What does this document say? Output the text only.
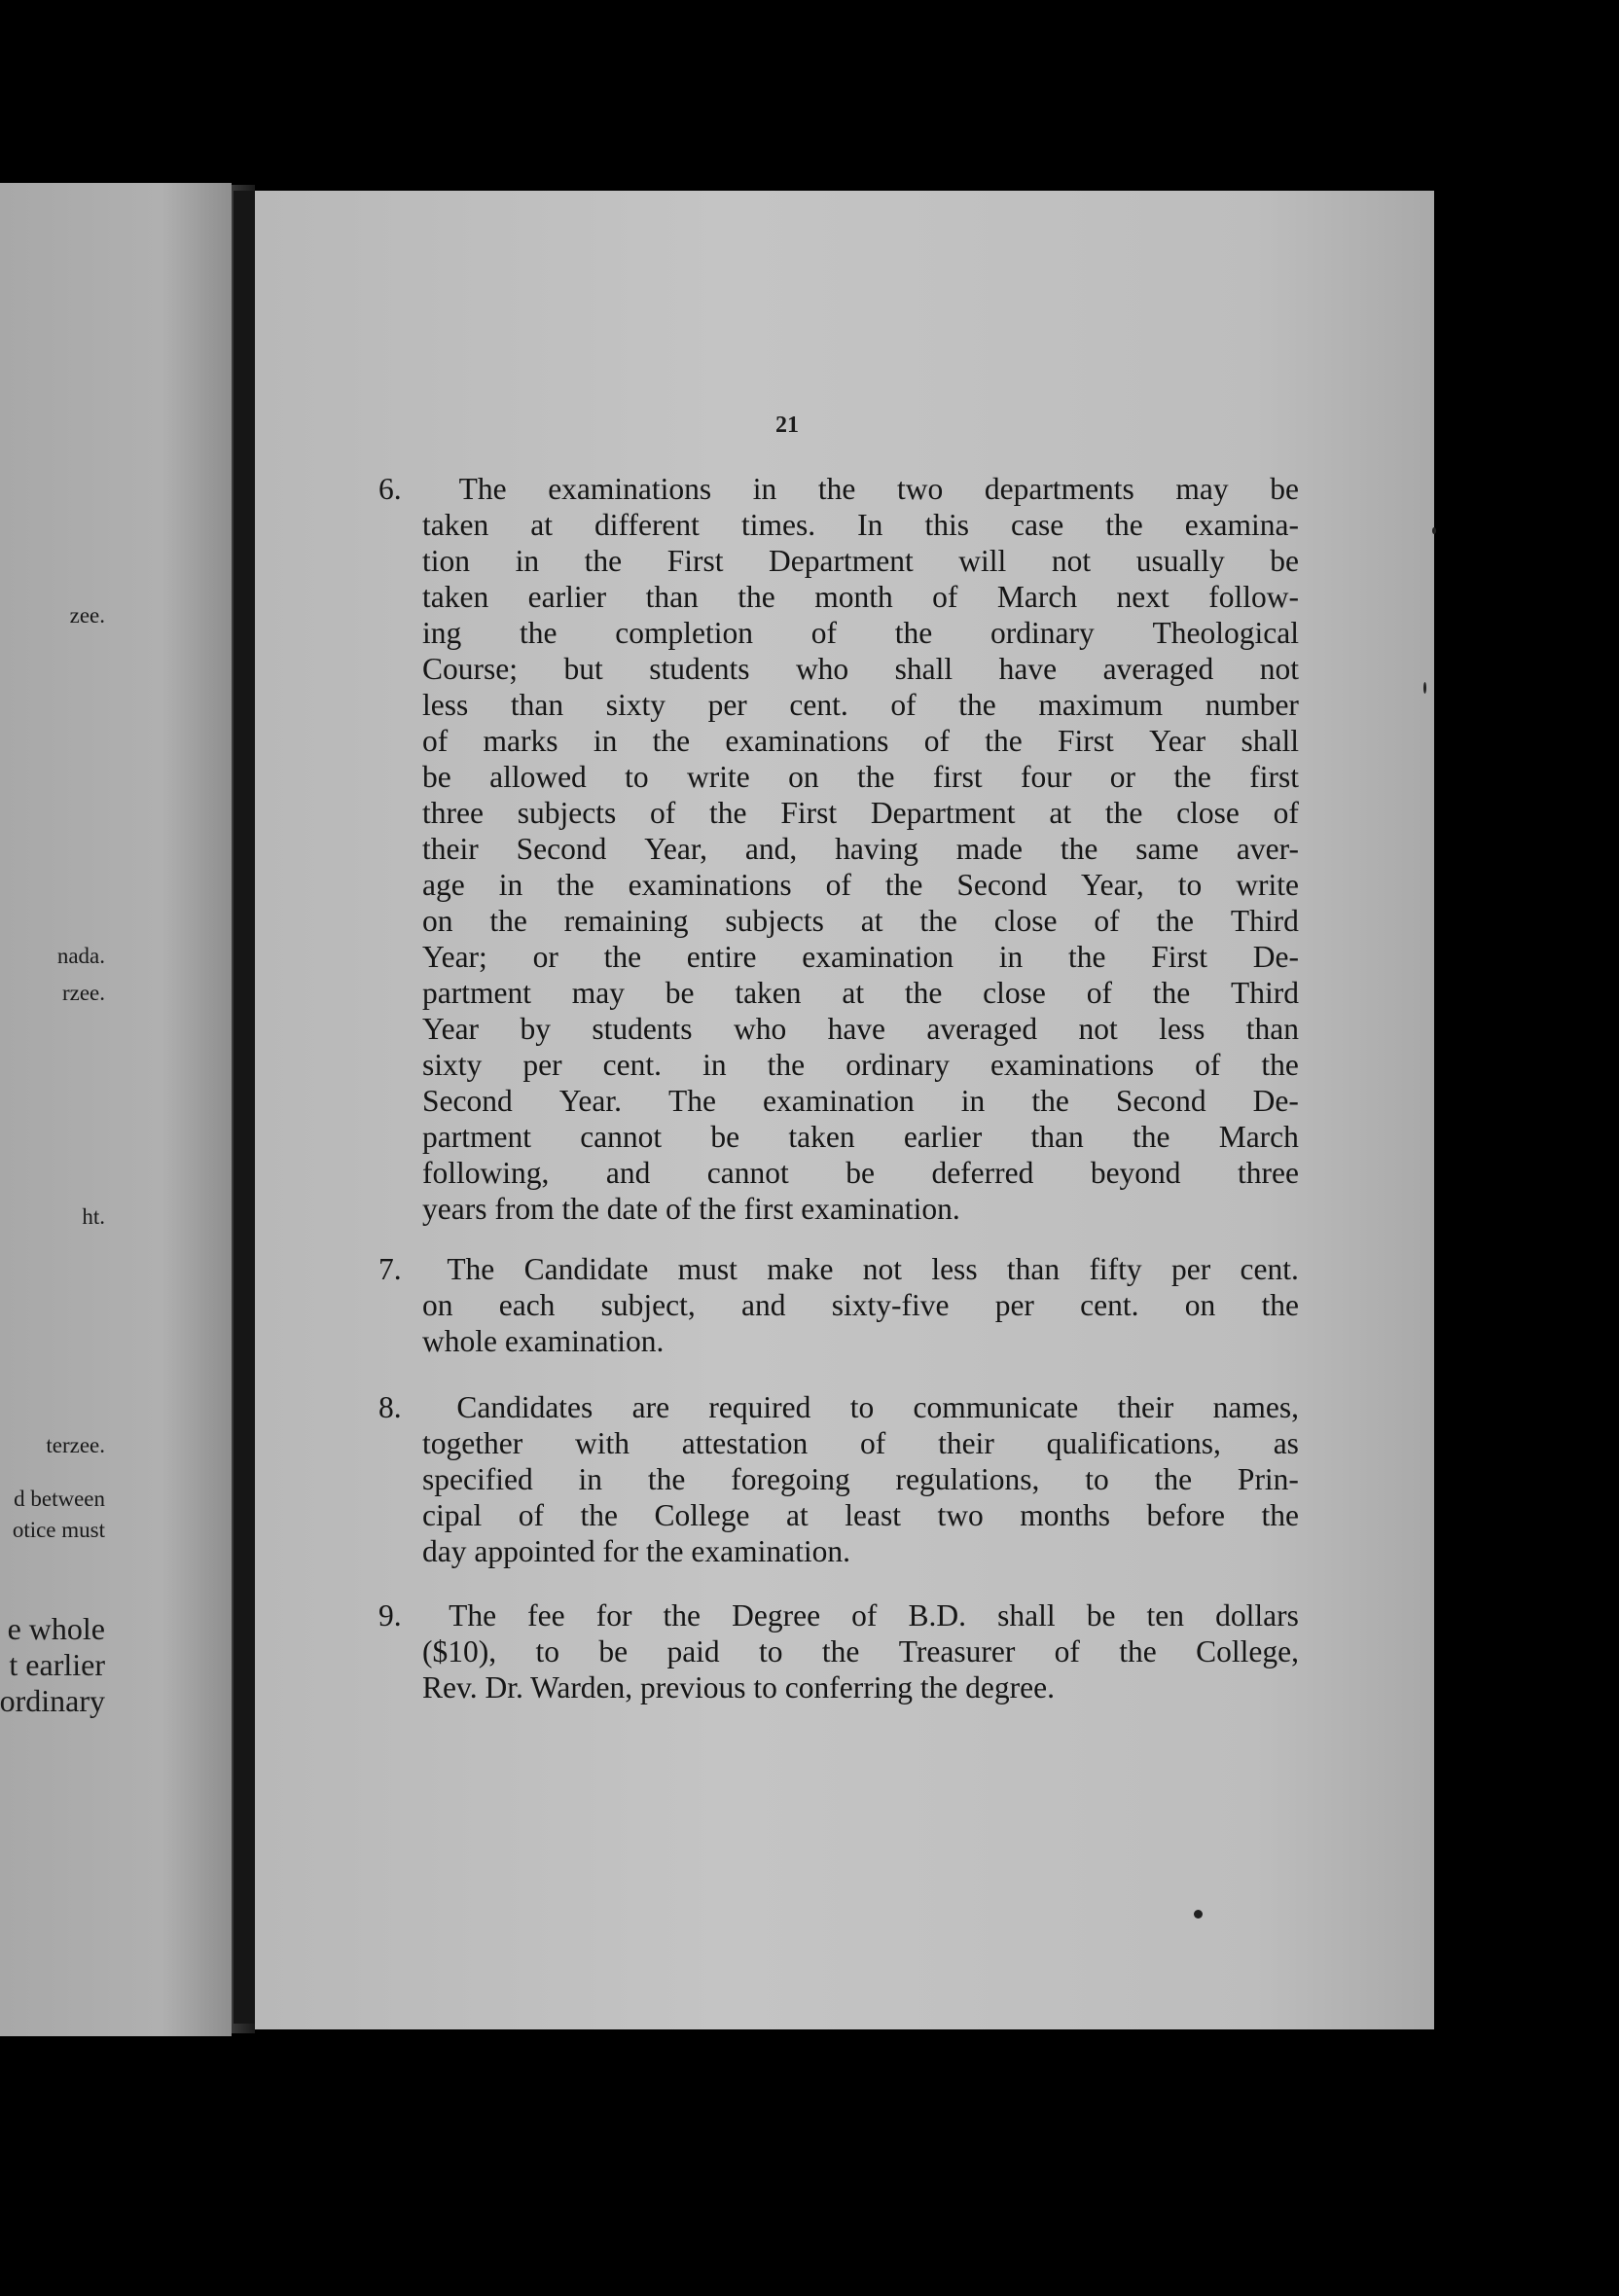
zee.
nada.
rzee.
ht.
terzee.
d between
otice must
e whole
t earlier
ordinary
21
6.	The examinations in the two departments may be
taken at different times. In this case the examina-
tion in the First Department will not usually be
taken earlier than the month of March next follow-
ing the completion of the ordinary Theological
Course; but students who shall have averaged not
less than sixty per cent. of the maximum number
of marks in the examinations of the First Year shall
be allowed to write on the first four or the first
three subjects of the First Department at the close of
their Second Year, and, having made the same aver-
age in the examinations of the Second Year, to write
on the remaining subjects at the close of the Third
Year; or the entire examination in the First De-
partment may be taken at the close of the Third
Year by students who have averaged not less than
sixty per cent. in the ordinary examinations of the
Second Year. The examination in the Second De-
partment cannot be taken earlier than the March
following, and cannot be deferred beyond three
years from the date of the first examination.
7.	The Candidate must make not less than fifty per cent.
on each subject, and sixty-five per cent. on the
whole examination.
8.	Candidates are required to communicate their names,
together with attestation of their qualifications, as
specified in the foregoing regulations, to the Prin-
cipal of the College at least two months before the
day appointed for the examination.
9.	The fee for the Degree of B.D. shall be ten dollars
($10), to be paid to the Treasurer of the College,
Rev. Dr. Warden, previous to conferring the degree.
